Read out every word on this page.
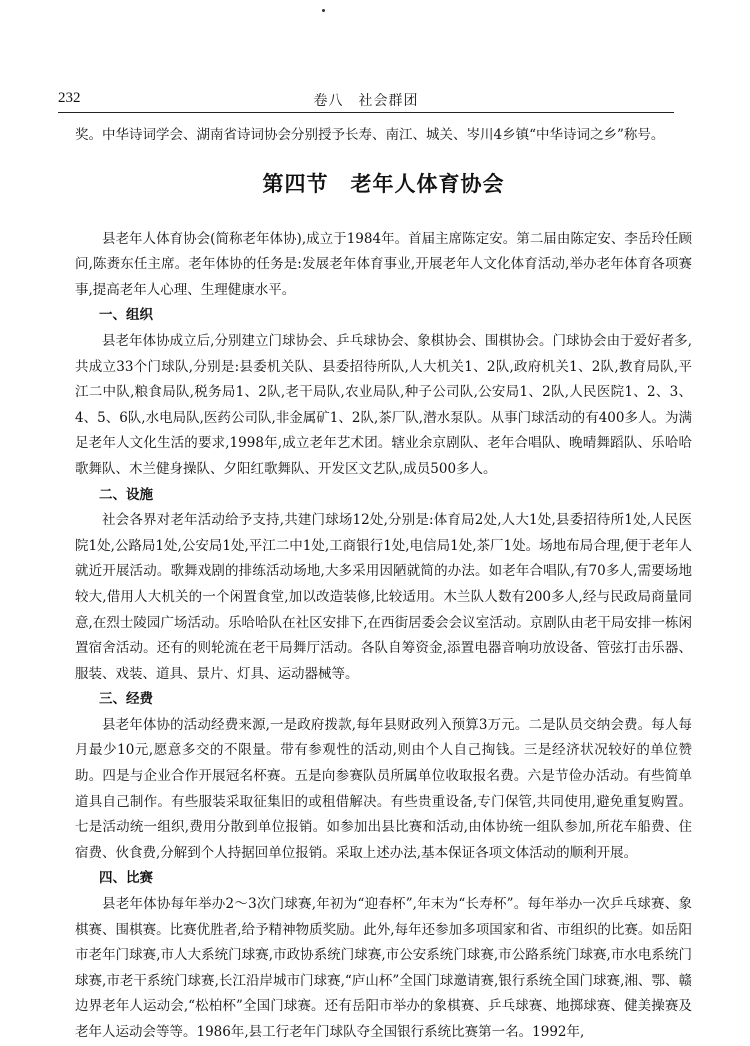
232	卷八　社会群团

奖。中华诗词学会、湖南省诗词协会分别授予长寿、南江、城关、岑川4乡镇“中华诗词之乡”称号。

第四节　老年人体育协会

县老年人体育协会(简称老年体协),成立于1984年。首届主席陈定安。第二届由陈定安、李岳玲任顾问,陈赉东任主席。老年体协的任务是:发展老年体育事业,开展老年人文化体育活动,举办老年体育各项赛事,提高老年人心理、生理健康水平。

一、组织

县老年体协成立后,分别建立门球协会、乒乓球协会、象棋协会、围棋协会。门球协会由于爱好者多,共成立33个门球队,分别是:县委机关队、县委招待所队,人大机关1、2队,政府机关1、2队,教育局队,平江二中队,粮食局队,税务局1、2队,老干局队,农业局队,种子公司队,公安局1、2队,人民医院1、2、3、4、5、6队,水电局队,医药公司队,非金属矿1、2队,茶厂队,潜水泵队。从事门球活动的有400多人。为满足老年人文化生活的要求,1998年,成立老年艺术团。辖业余京剧队、老年合唱队、晚晴舞蹈队、乐哈哈歌舞队、木兰健身操队、夕阳红歌舞队、开发区文艺队,成员500多人。

二、设施

社会各界对老年活动给予支持,共建门球场12处,分别是:体育局2处,人大1处,县委招待所1处,人民医院1处,公路局1处,公安局1处,平江二中1处,工商银行1处,电信局1处,茶厂1处。场地布局合理,便于老年人就近开展活动。歌舞戏剧的排练活动场地,大多采用因陋就简的办法。如老年合唱队,有70多人,需要场地较大,借用人大机关的一个闲置食堂,加以改造装修,比较适用。木兰队人数有200多人,经与民政局商量同意,在烈士陵园广场活动。乐哈哈队在社区安排下,在西街居委会会议室活动。京剧队由老干局安排一栋闲置宿舍活动。还有的则轮流在老干局舞厅活动。各队自筹资金,添置电器音响功放设备、管弦打击乐器、服装、戏装、道具、景片、灯具、运动器械等。

三、经费

县老年体协的活动经费来源,一是政府拨款,每年县财政列入预算3万元。二是队员交纳会费。每人每月最少10元,愿意多交的不限量。带有参观性的活动,则由个人自己掏钱。三是经济状况较好的单位赞助。四是与企业合作开展冠名杯赛。五是向参赛队员所属单位收取报名费。六是节俭办活动。有些简单道具自己制作。有些服装采取征集旧的或租借解决。有些贵重设备,专门保管,共同使用,避免重复购置。七是活动统一组织,费用分散到单位报销。如参加出县比赛和活动,由体协统一组队参加,所花车船费、住宿费、伙食费,分解到个人持据回单位报销。采取上述办法,基本保证各项文体活动的顺利开展。

四、比赛

县老年体协每年举办2～3次门球赛,年初为“迎春杯”,年末为“长寿杯”。每年举办一次乒乓球赛、象棋赛、围棋赛。比赛优胜者,给予精神物质奖励。此外,每年还参加多项国家和省、市组织的比赛。如岳阳市老年门球赛,市人大系统门球赛,市政协系统门球赛,市公安系统门球赛,市公路系统门球赛,市水电系统门球赛,市老干系统门球赛,长江沿岸城市门球赛,“庐山杯”全国门球邀请赛,银行系统全国门球赛,湘、鄂、赣边界老年人运动会,“松柏杯”全国门球赛。还有岳阳市举办的象棋赛、乒乓球赛、地掷球赛、健美操赛及老年人运动会等等。1986年,县工行老年门球队夺全国银行系统比赛第一名。1992年,
